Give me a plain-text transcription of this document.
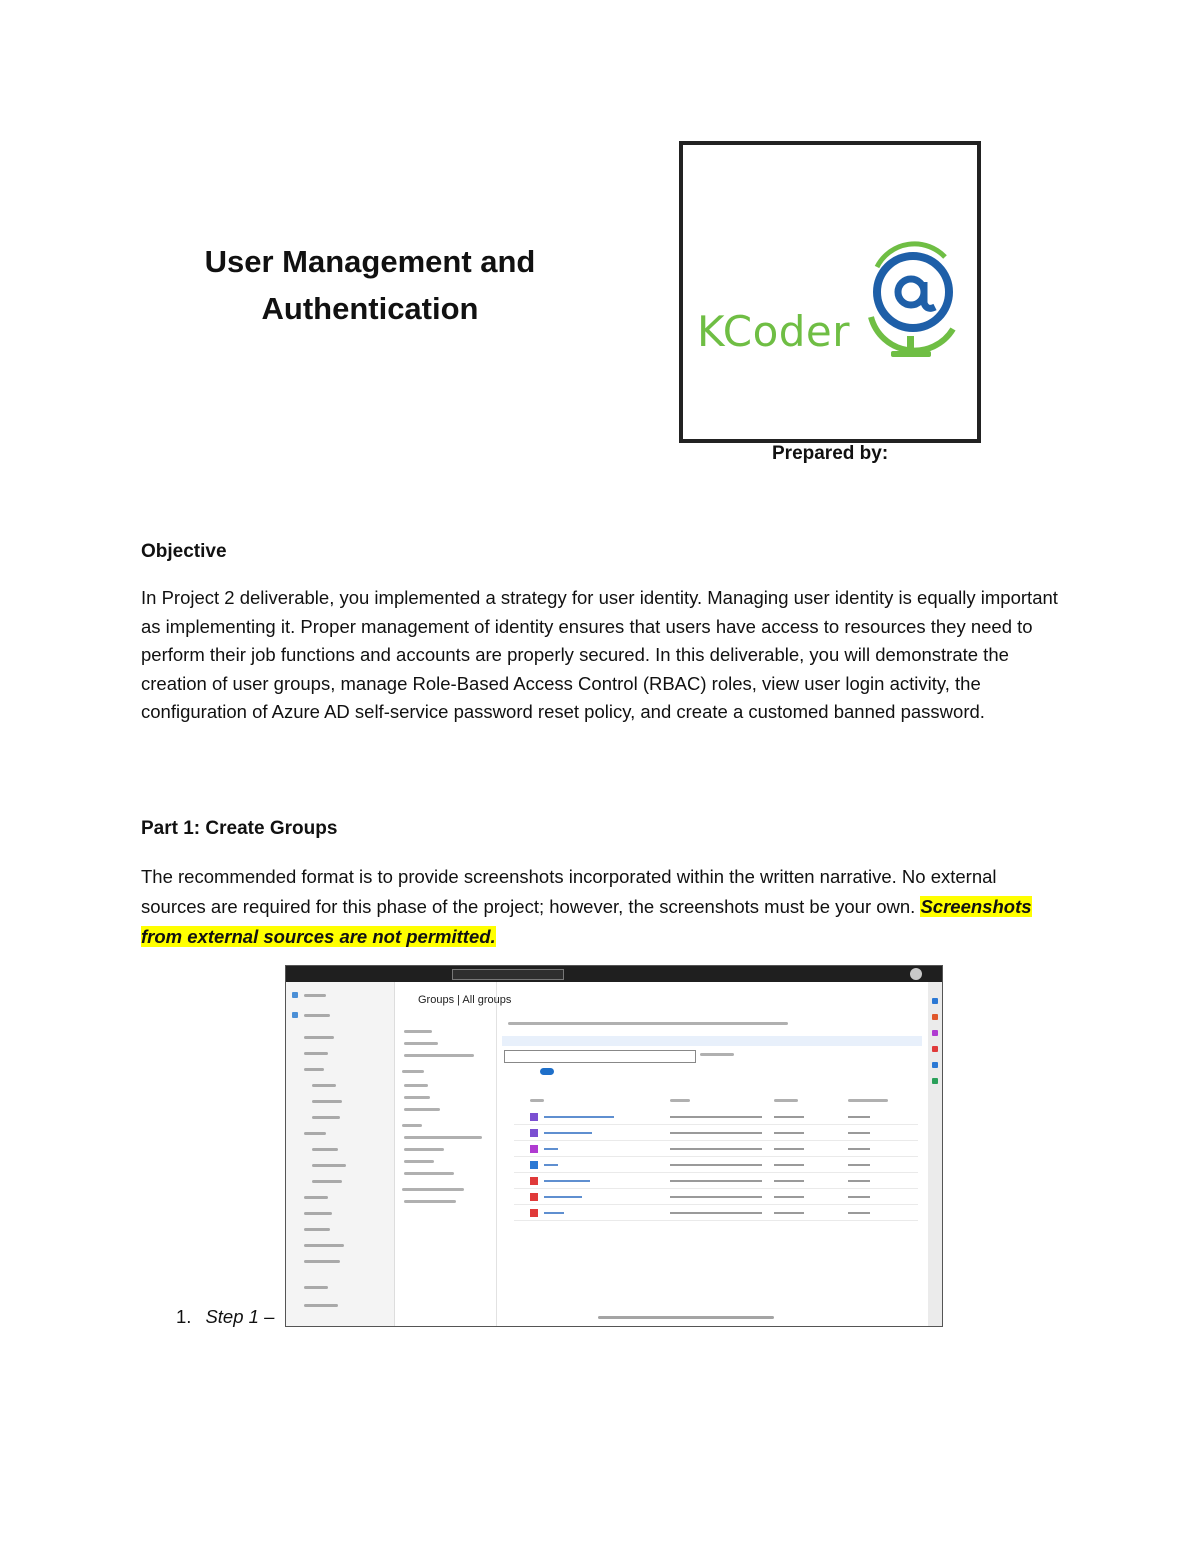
User Management and
Authentication	KCoder
Prepared by:
Objective
In Project 2 deliverable, you implemented a strategy for user identity. Managing user identity is equally important as implementing it. Proper management of identity ensures that users have access to resources they need to perform their job functions and accounts are properly secured. In this deliverable, you will demonstrate the creation of user groups, manage Role-Based Access Control (RBAC) roles, view user login activity, the configuration of Azure AD self-service password reset policy, and create a customed banned password.
Part 1: Create Groups
The recommended format is to provide screenshots incorporated within the written narrative. No external sources are required for this phase of the project; however, the screenshots must be your own. Screenshots from external sources are not permitted.
Groups | All groups
1. Step 1 –
